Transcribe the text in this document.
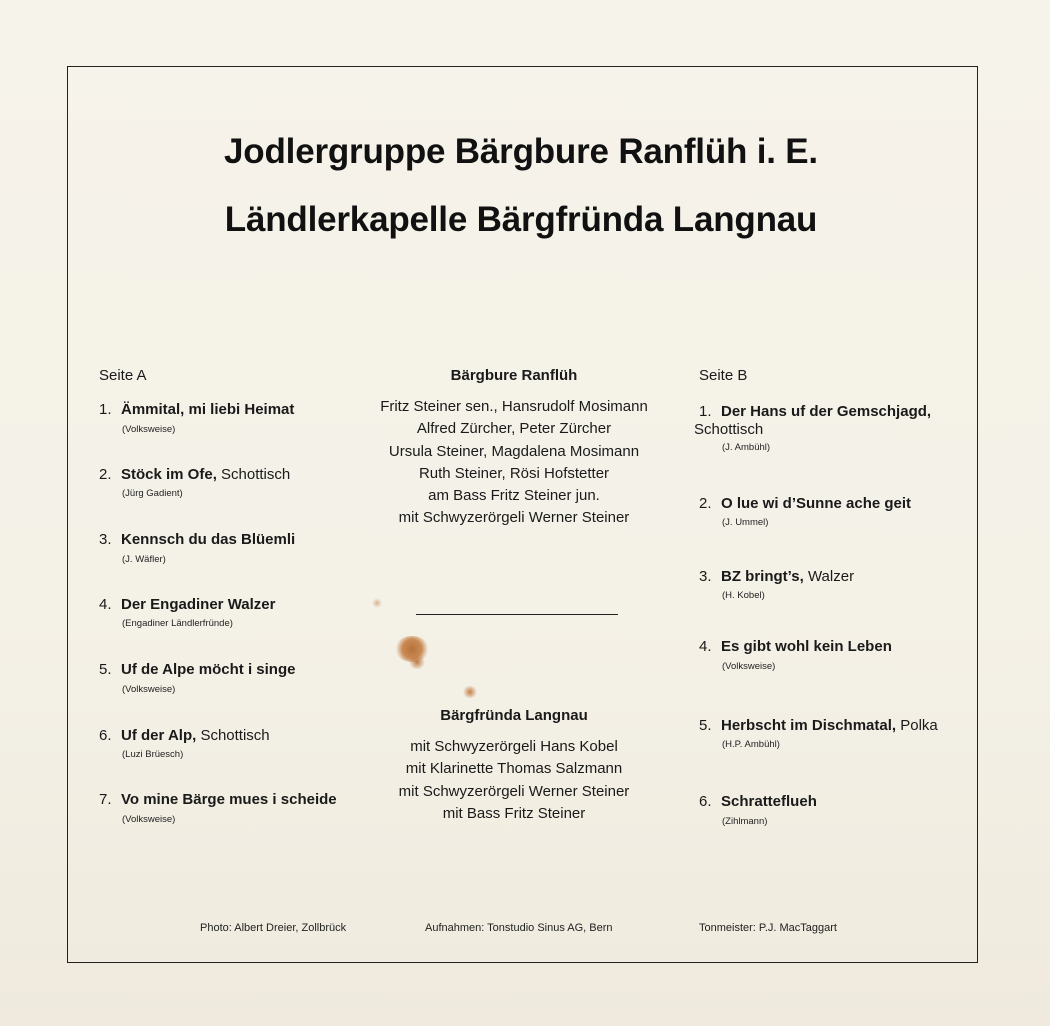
Jodlergruppe Bärgbure Ranflüh i. E.
Ländlerkapelle Bärgfründa Langnau
Seite A
1. Ämmital, mi liebi Heimat
(Volksweise)
2. Stöck im Ofe, Schottisch
(Jürg Gadient)
3. Kennsch du das Blüemli
(J. Wäfler)
4. Der Engadiner Walzer
(Engadiner Ländlerfründe)
5. Uf de Alpe möcht i singe
(Volksweise)
6. Uf der Alp, Schottisch
(Luzi Brüesch)
7. Vo mine Bärge mues i scheide
(Volksweise)
Bärgbure Ranflüh
Fritz Steiner sen., Hansrudolf Mosimann
Alfred Zürcher, Peter Zürcher
Ursula Steiner, Magdalena Mosimann
Ruth Steiner, Rösi Hofstetter
am Bass Fritz Steiner jun.
mit Schwyzerörgeli Werner Steiner
Bärgfründa Langnau
mit Schwyzerörgeli Hans Kobel
mit Klarinette Thomas Salzmann
mit Schwyzerörgeli Werner Steiner
mit Bass Fritz Steiner
Seite B
1. Der Hans uf der Gemschjagd,
Schottisch
(J. Ambühl)
2. O lue wi d’Sunne ache geit
(J. Ummel)
3. BZ bringt’s, Walzer
(H. Kobel)
4. Es gibt wohl kein Leben
(Volksweise)
5. Herbscht im Dischmatal, Polka
(H.P. Ambühl)
6. Schratteflueh
(Zihlmann)
Photo: Albert Dreier, Zollbrück	Aufnahmen: Tonstudio Sinus AG, Bern	Tonmeister: P.J. MacTaggart
